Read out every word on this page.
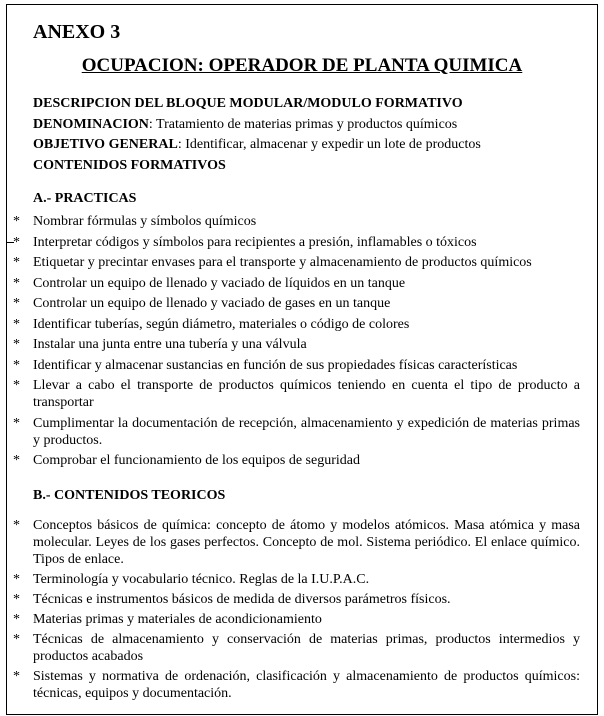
ANEXO 3
OCUPACION: OPERADOR DE PLANTA QUIMICA
DESCRIPCION DEL BLOQUE MODULAR/MODULO FORMATIVO
DENOMINACION: Tratamiento de materias primas y productos químicos
OBJETIVO GENERAL: Identificar, almacenar y expedir un lote de productos
CONTENIDOS FORMATIVOS
A.- PRACTICAS
* Nombrar fórmulas y símbolos químicos
* Interpretar códigos y símbolos para recipientes a presión, inflamables o tóxicos
* Etiquetar y precintar envases para el transporte y almacenamiento de productos químicos
* Controlar un equipo de llenado y vaciado de líquidos en un tanque
* Controlar un equipo de llenado y vaciado de gases en un tanque
* Identificar tuberías, según diámetro, materiales o código de colores
* Instalar una junta entre una tubería y una válvula
* Identificar y almacenar sustancias en función de sus propiedades físicas características
* Llevar a cabo el transporte de productos químicos teniendo en cuenta el tipo de producto a transportar
* Cumplimentar la documentación de recepción, almacenamiento y expedición de materias primas y productos.
* Comprobar el funcionamiento de los equipos de seguridad
B.- CONTENIDOS TEORICOS
* Conceptos básicos de química: concepto de átomo y modelos atómicos. Masa atómica y masa molecular. Leyes de los gases perfectos. Concepto de mol. Sistema periódico. El enlace químico. Tipos de enlace.
* Terminología y vocabulario técnico. Reglas de la I.U.P.A.C.
* Técnicas e instrumentos básicos de medida de diversos parámetros físicos.
* Materias primas y materiales de acondicionamiento
* Técnicas de almacenamiento y conservación de materias primas, productos intermedios y productos acabados
* Sistemas y normativa de ordenación, clasificación y almacenamiento de productos químicos: técnicas, equipos y documentación.
